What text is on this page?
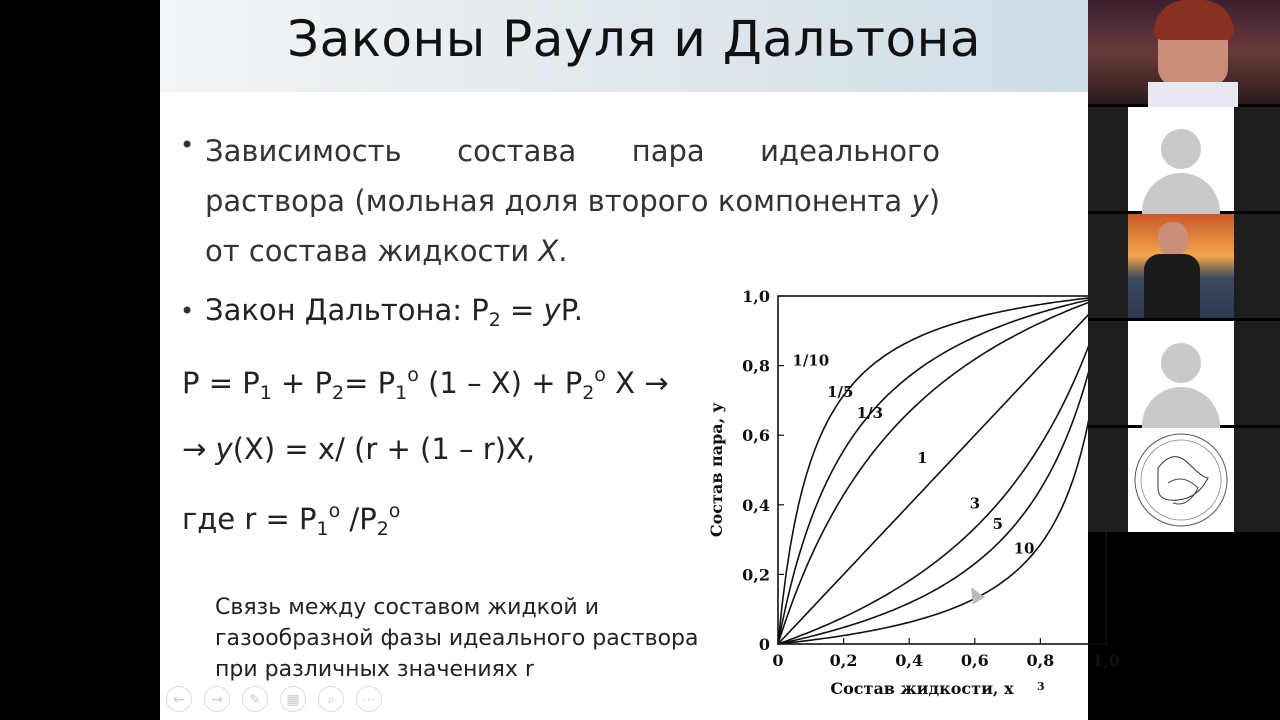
Законы Рауля и Дальтона
• Зависимость состава пара идеального раствора (мольная доля второго компонента y) от состава жидкости X.
• Закон Дальтона: $P_2$ = yP.
$P = P_1 + P_2= P_1^o$ $(1 - X) + P_2^o$ X →
→ y(X) = x/ (r + (1 – r)X,
где $r = P_1^o$ $/P_2^o$
Связь между составом жидкой и газообразной фазы идеального раствора при различных значениях r	0	0,2 0,4 0,6 0,8 1,0
0
0,2
0,4
0,6
0,8
1,0
Состав жидкости, x 3
Состав пара, y
1/10
1/5
1/3
1
3
5
10
←	→	✎	▦	⌕	⋯
